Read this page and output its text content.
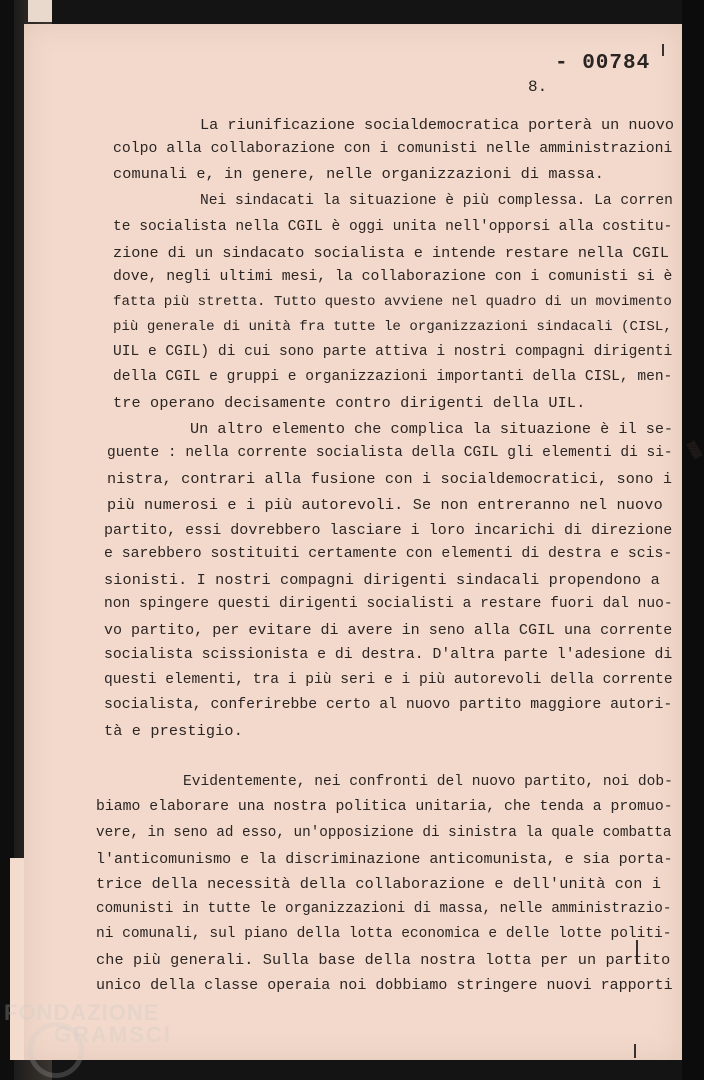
- 00784
8.
▒▒▒
La riunificazione socialdemocratica porterà un nuovo
colpo alla collaborazione con i comunisti nelle amministrazioni
comunali e, in genere, nelle organizzazioni di massa.
Nei sindacati la situazione è più complessa. La corren
te socialista nella CGIL è oggi unita nell'opporsi alla costitu-
zione di un sindacato socialista e intende restare nella CGIL
dove, negli ultimi mesi, la collaborazione con i comunisti si è
fatta più stretta. Tutto questo avviene nel quadro di un movimento
più generale di unità fra tutte le organizzazioni sindacali (CISL,
UIL e CGIL) di cui sono parte attiva i nostri compagni dirigenti
della CGIL e gruppi e organizzazioni importanti della CISL, men-
tre operano decisamente contro dirigenti della UIL.
Un altro elemento che complica la situazione è il se-
guente : nella corrente socialista della CGIL gli elementi di si-
nistra, contrari alla fusione con i socialdemocratici, sono i
più numerosi e i più autorevoli. Se non entreranno nel nuovo
partito, essi dovrebbero lasciare i loro incarichi di direzione
e sarebbero sostituiti certamente con elementi di destra e scis-
sionisti. I nostri compagni dirigenti sindacali propendono a
non spingere questi dirigenti socialisti a restare fuori dal nuo-
vo partito, per evitare di avere in seno alla CGIL una corrente
socialista scissionista e di destra. D'altra parte l'adesione di
questi elementi, tra i più seri e i più autorevoli della corrente
socialista, conferirebbe certo al nuovo partito maggiore autori-
tà e prestigio.
Evidentemente, nei confronti del nuovo partito, noi dob-
biamo elaborare una nostra politica unitaria, che tenda a promuo-
vere, in seno ad esso, un'opposizione di sinistra la quale combatta
l'anticomunismo e la discriminazione anticomunista, e sia porta-
trice della necessità della collaborazione e dell'unità con i
comunisti in tutte le organizzazioni di massa, nelle amministrazio-
ni comunali, sul piano della lotta economica e delle lotte politi-
che più generali. Sulla base della nostra lotta per un partito
unico della classe operaia noi dobbiamo stringere nuovi rapporti
FONDAZIONE
GRAMSCI
